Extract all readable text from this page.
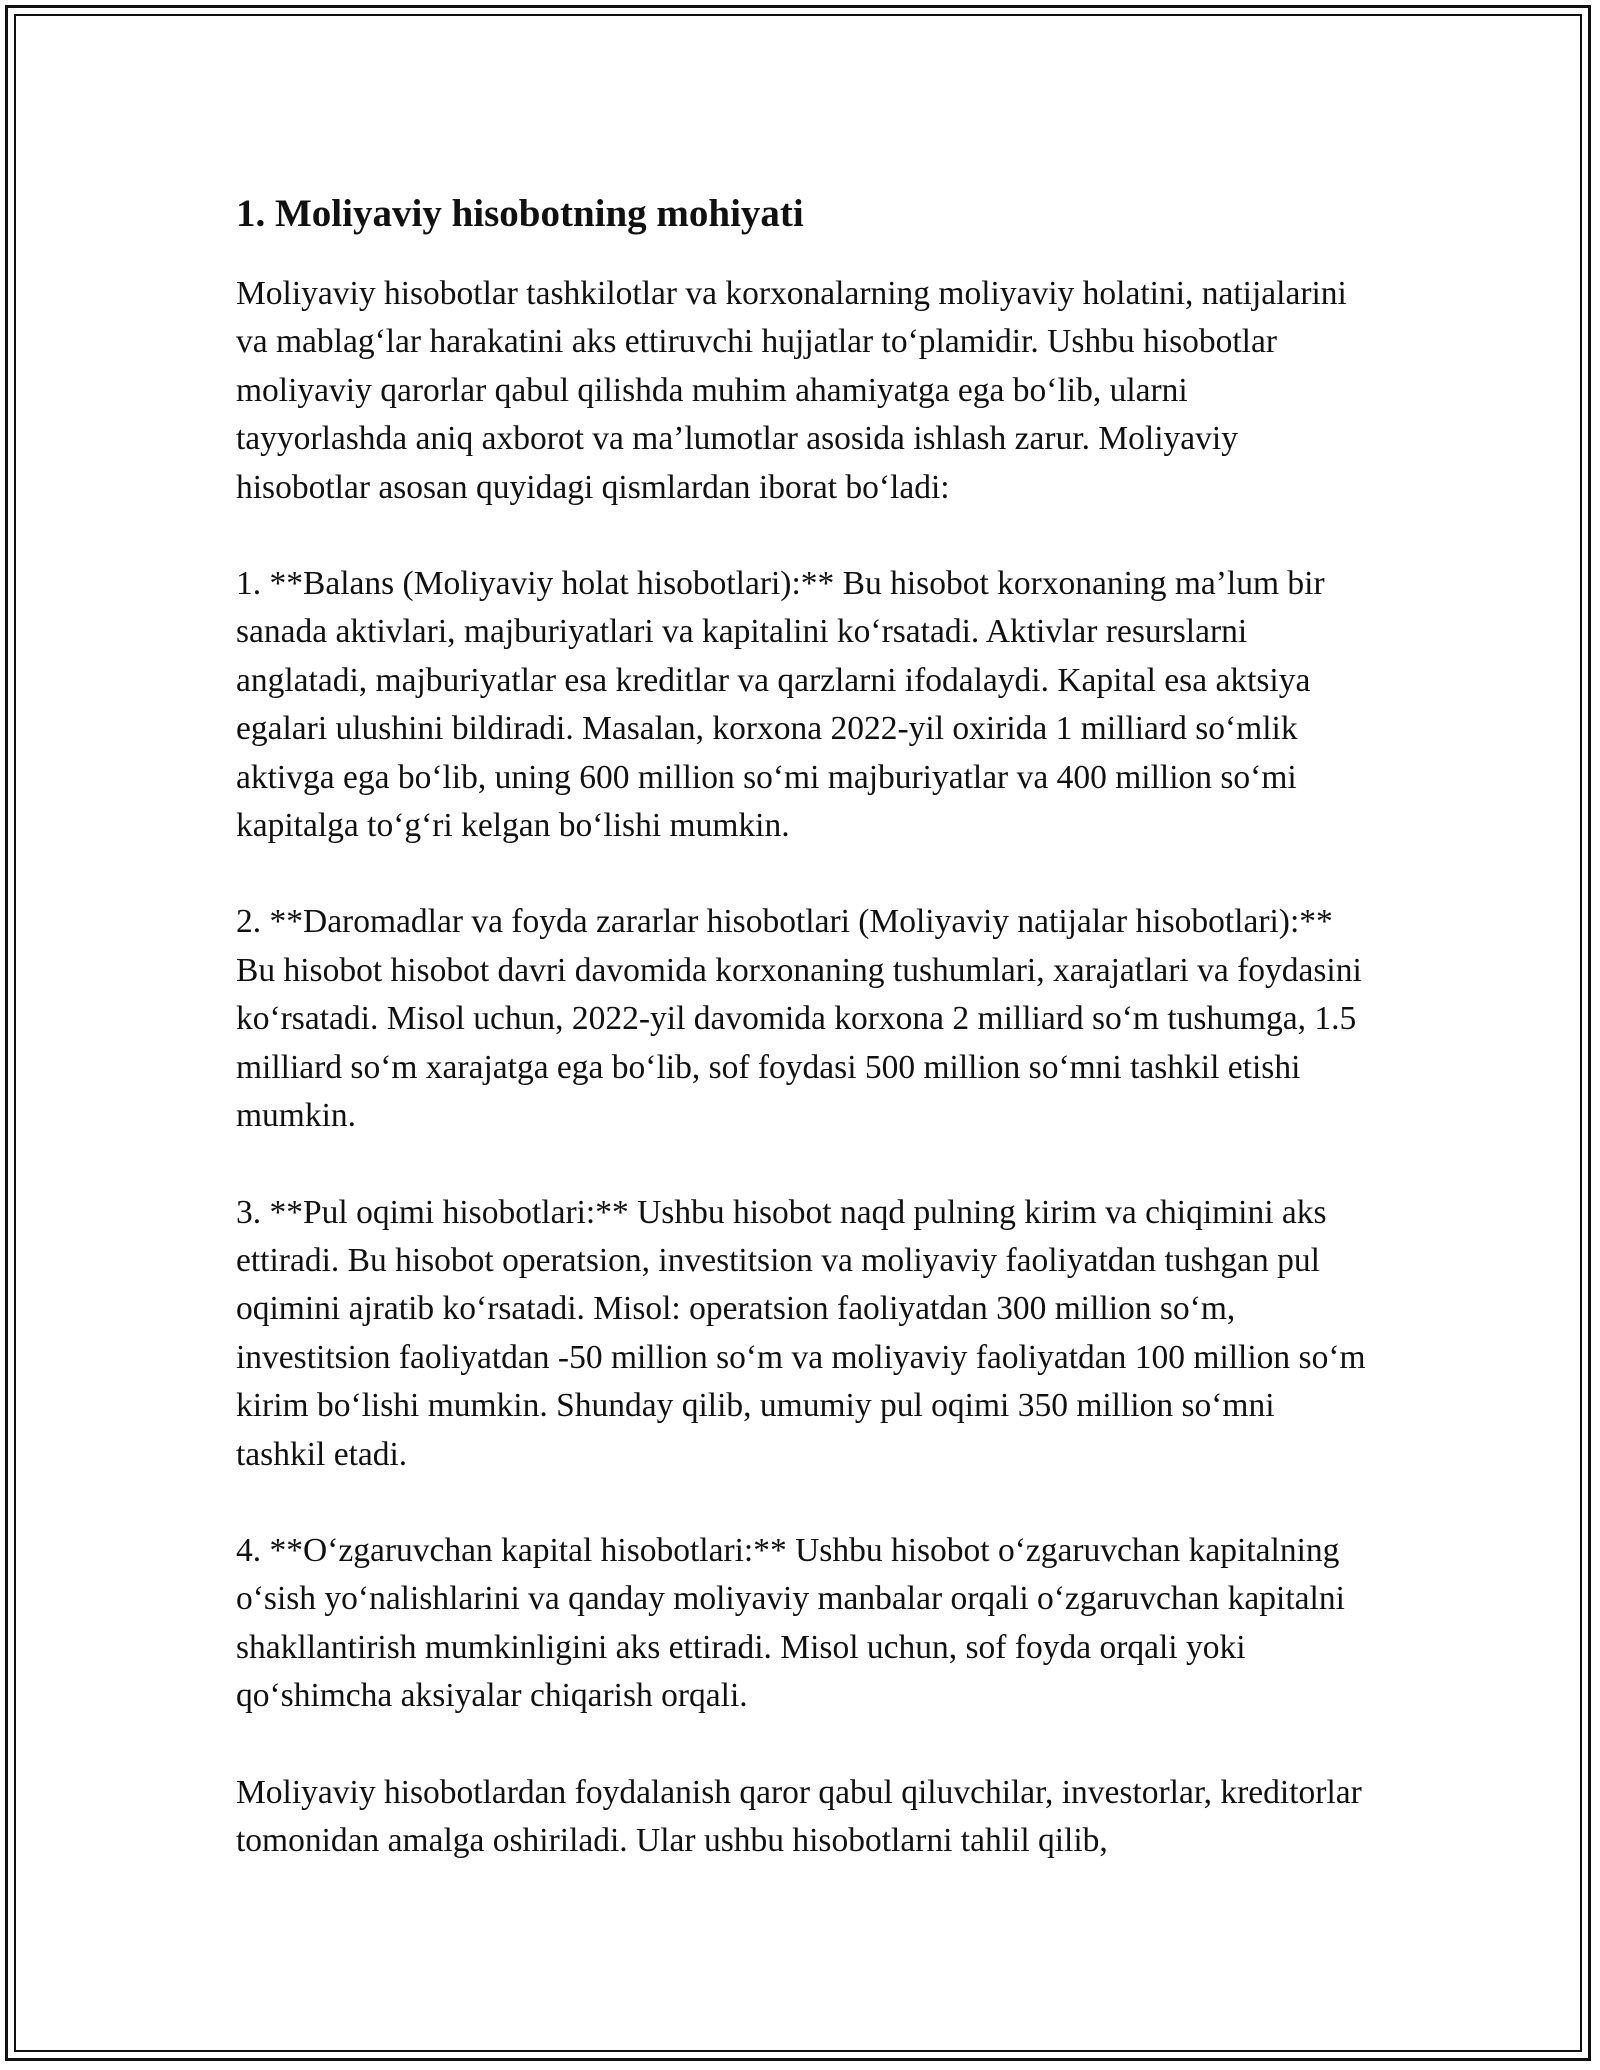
1. Moliyaviy hisobotning mohiyati

Moliyaviy hisobotlar tashkilotlar va korxonalarning moliyaviy holatini, natijalarini va mablag‘lar harakatini aks ettiruvchi hujjatlar to‘plamidir. Ushbu hisobotlar moliyaviy qarorlar qabul qilishda muhim ahamiyatga ega bo‘lib, ularni tayyorlashda aniq axborot va ma’lumotlar asosida ishlash zarur. Moliyaviy hisobotlar asosan quyidagi qismlardan iborat bo‘ladi:

1. **Balans (Moliyaviy holat hisobotlari):** Bu hisobot korxonaning ma’lum bir sanada aktivlari, majburiyatlari va kapitalini ko‘rsatadi. Aktivlar resurslarni anglatadi, majburiyatlar esa kreditlar va qarzlarni ifodalaydi. Kapital esa aktsiya egalari ulushini bildiradi. Masalan, korxona 2022-yil oxirida 1 milliard so‘mlik aktivga ega bo‘lib, uning 600 million so‘mi majburiyatlar va 400 million so‘mi kapitalga to‘g‘ri kelgan bo‘lishi mumkin.

2. **Daromadlar va foyda zararlar hisobotlari (Moliyaviy natijalar hisobotlari):** Bu hisobot hisobot davri davomida korxonaning tushumlari, xarajatlari va foydasini ko‘rsatadi. Misol uchun, 2022-yil davomida korxona 2 milliard so‘m tushumga, 1.5 milliard so‘m xarajatga ega bo‘lib, sof foydasi 500 million so‘mni tashkil etishi mumkin.

3. **Pul oqimi hisobotlari:** Ushbu hisobot naqd pulning kirim va chiqimini aks ettiradi. Bu hisobot operatsion, investitsion va moliyaviy faoliyatdan tushgan pul oqimini ajratib ko‘rsatadi. Misol: operatsion faoliyatdan 300 million so‘m, investitsion faoliyatdan -50 million so‘m va moliyaviy faoliyatdan 100 million so‘m kirim bo‘lishi mumkin. Shunday qilib, umumiy pul oqimi 350 million so‘mni tashkil etadi.

4. **O‘zgaruvchan kapital hisobotlari:** Ushbu hisobot o‘zgaruvchan kapitalning o‘sish yo‘nalishlarini va qanday moliyaviy manbalar orqali o‘zgaruvchan kapitalni shakllantirish mumkinligini aks ettiradi. Misol uchun, sof foyda orqali yoki qo‘shimcha aksiyalar chiqarish orqali.

Moliyaviy hisobotlardan foydalanish qaror qabul qiluvchilar, investorlar, kreditorlar tomonidan amalga oshiriladi. Ular ushbu hisobotlarni tahlil qilib,
